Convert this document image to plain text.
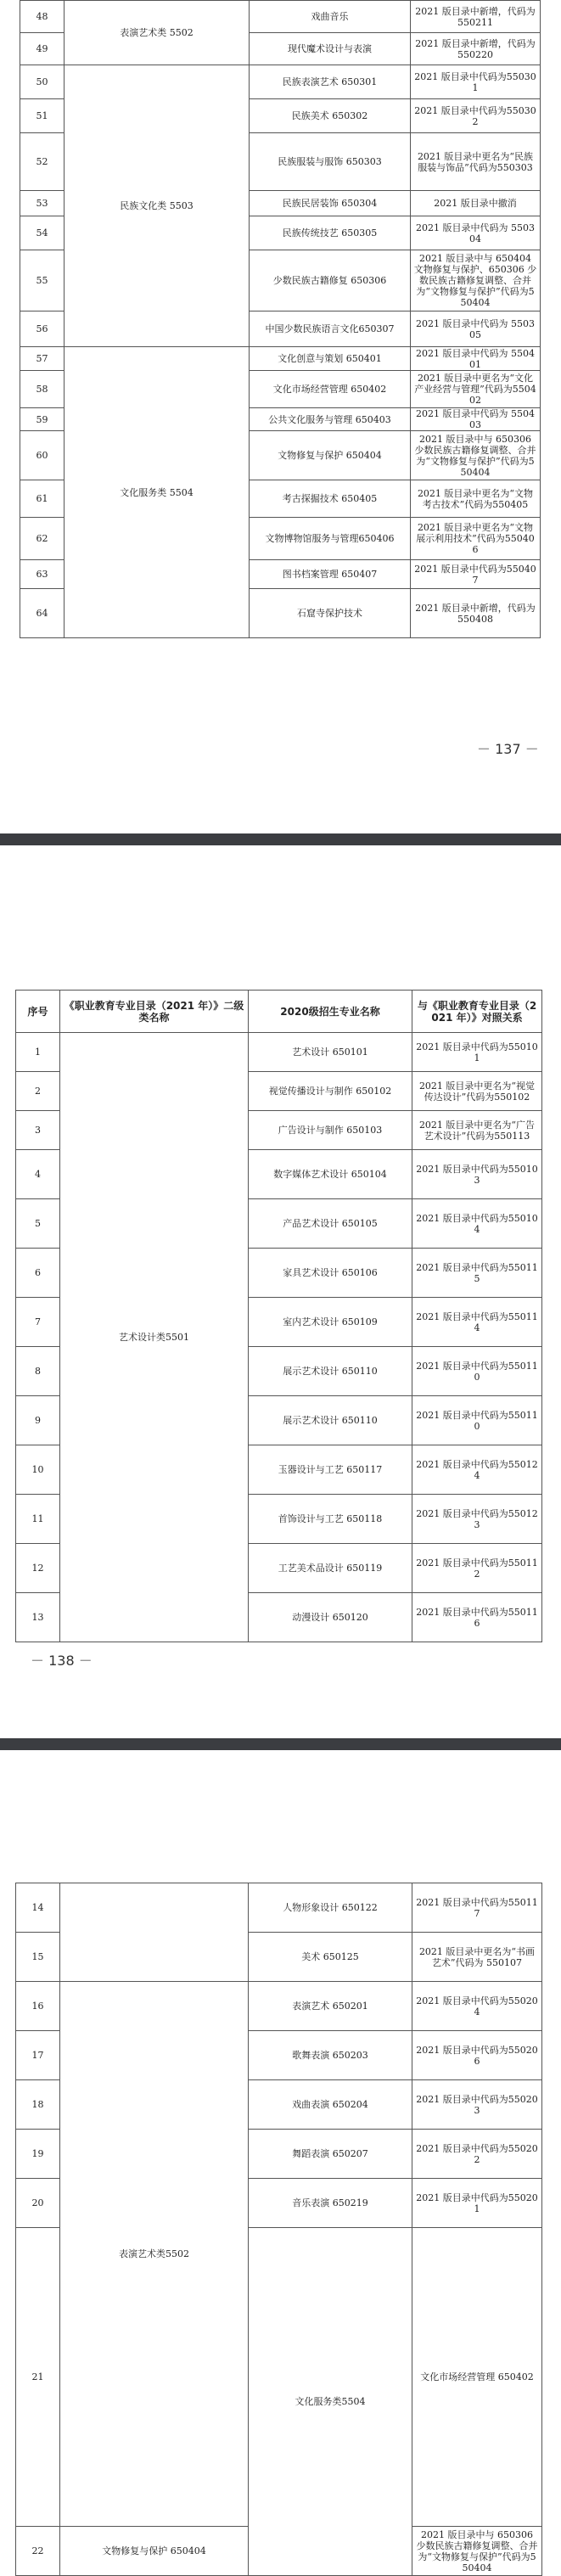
48	表演艺术类 5502	戏曲音乐	2021 版目录中新增，代码为550211
49		现代魔术设计与表演	2021 版目录中新增，代码为550220
50	民族文化类 5503	民族表演艺术 650301	2021 版目录中代码为550301
51		民族美术 650302	2021 版目录中代码为550302
52		民族服装与服饰 650303	2021 版目录中更名为“民族服装与饰品”代码为550303
53		民族民居装饰 650304	2021 版目录中撤消
54		民族传统技艺 650305	2021 版目录中代码为 550304
55		少数民族古籍修复 650306	2021 版目录中与 650404 文物修复与保护、650306 少数民族古籍修复调整、合并为“文物修复与保护”代码为550404
56		中国少数民族语言文化650307	2021 版目录中代码为 550305
57	文化服务类 5504	文化创意与策划 650401	2021 版目录中代码为 550401
58		文化市场经营管理 650402	2021 版目录中更名为“文化产业经营与管理”代码为550402
59		公共文化服务与管理 650403	2021 版目录中代码为 550403
60		文物修复与保护 650404	2021 版目录中与 650306 少数民族古籍修复调整、合并为“文物修复与保护”代码为550404
61		考古探掘技术 650405	2021 版目录中更名为“文物考古技术”代码为550405
62		文物博物馆服务与管理650406	2021 版目录中更名为“文物展示利用技术”代码为550406
63		图书档案管理 650407	2021 版目录中代码为550407
64		石窟寺保护技术	2021 版目录中新增，代码为550408
－ 137 －
序号	《职业教育专业目录（2021 年）》二级类名称	2020级招生专业名称	与《职业教育专业目录（2021 年）》对照关系
1	艺术设计类5501	艺术设计 650101	2021 版目录中代码为550101
2		视觉传播设计与制作 650102	2021 版目录中更名为“视觉传达设计”代码为550102
3		广告设计与制作 650103	2021 版目录中更名为“广告艺术设计”代码为550113
4		数字媒体艺术设计 650104	2021 版目录中代码为550103
5		产品艺术设计 650105	2021 版目录中代码为550104
6		家具艺术设计 650106	2021 版目录中代码为550115
7		室内艺术设计 650109	2021 版目录中代码为550114
8		展示艺术设计 650110	2021 版目录中代码为550110
9		展示艺术设计 650110	2021 版目录中代码为550110
10		玉器设计与工艺 650117	2021 版目录中代码为550124
11		首饰设计与工艺 650118	2021 版目录中代码为550123
12		工艺美术品设计 650119	2021 版目录中代码为550112
13		动漫设计 650120	2021 版目录中代码为550116
－ 138 －
14		人物形象设计 650122	2021 版目录中代码为550117	
15		美术 650125	2021 版目录中更名为“书画艺术”代码为 550107	
16	表演艺术类5502	表演艺术 650201	2021 版目录中代码为550204	
17		歌舞表演 650203	2021 版目录中代码为550206	
18		戏曲表演 650204	2021 版目录中代码为550203	
19		舞蹈表演 650207	2021 版目录中代码为550202	
20		音乐表演 650219	2021 版目录中代码为550201	
21		文化服务类5504	文化市场经营管理 650402	
22	文物修复与保护 650404		2021 版目录中与 650306 少数民族古籍修复调整、合并为“文物修复与保护”代码为550404	
